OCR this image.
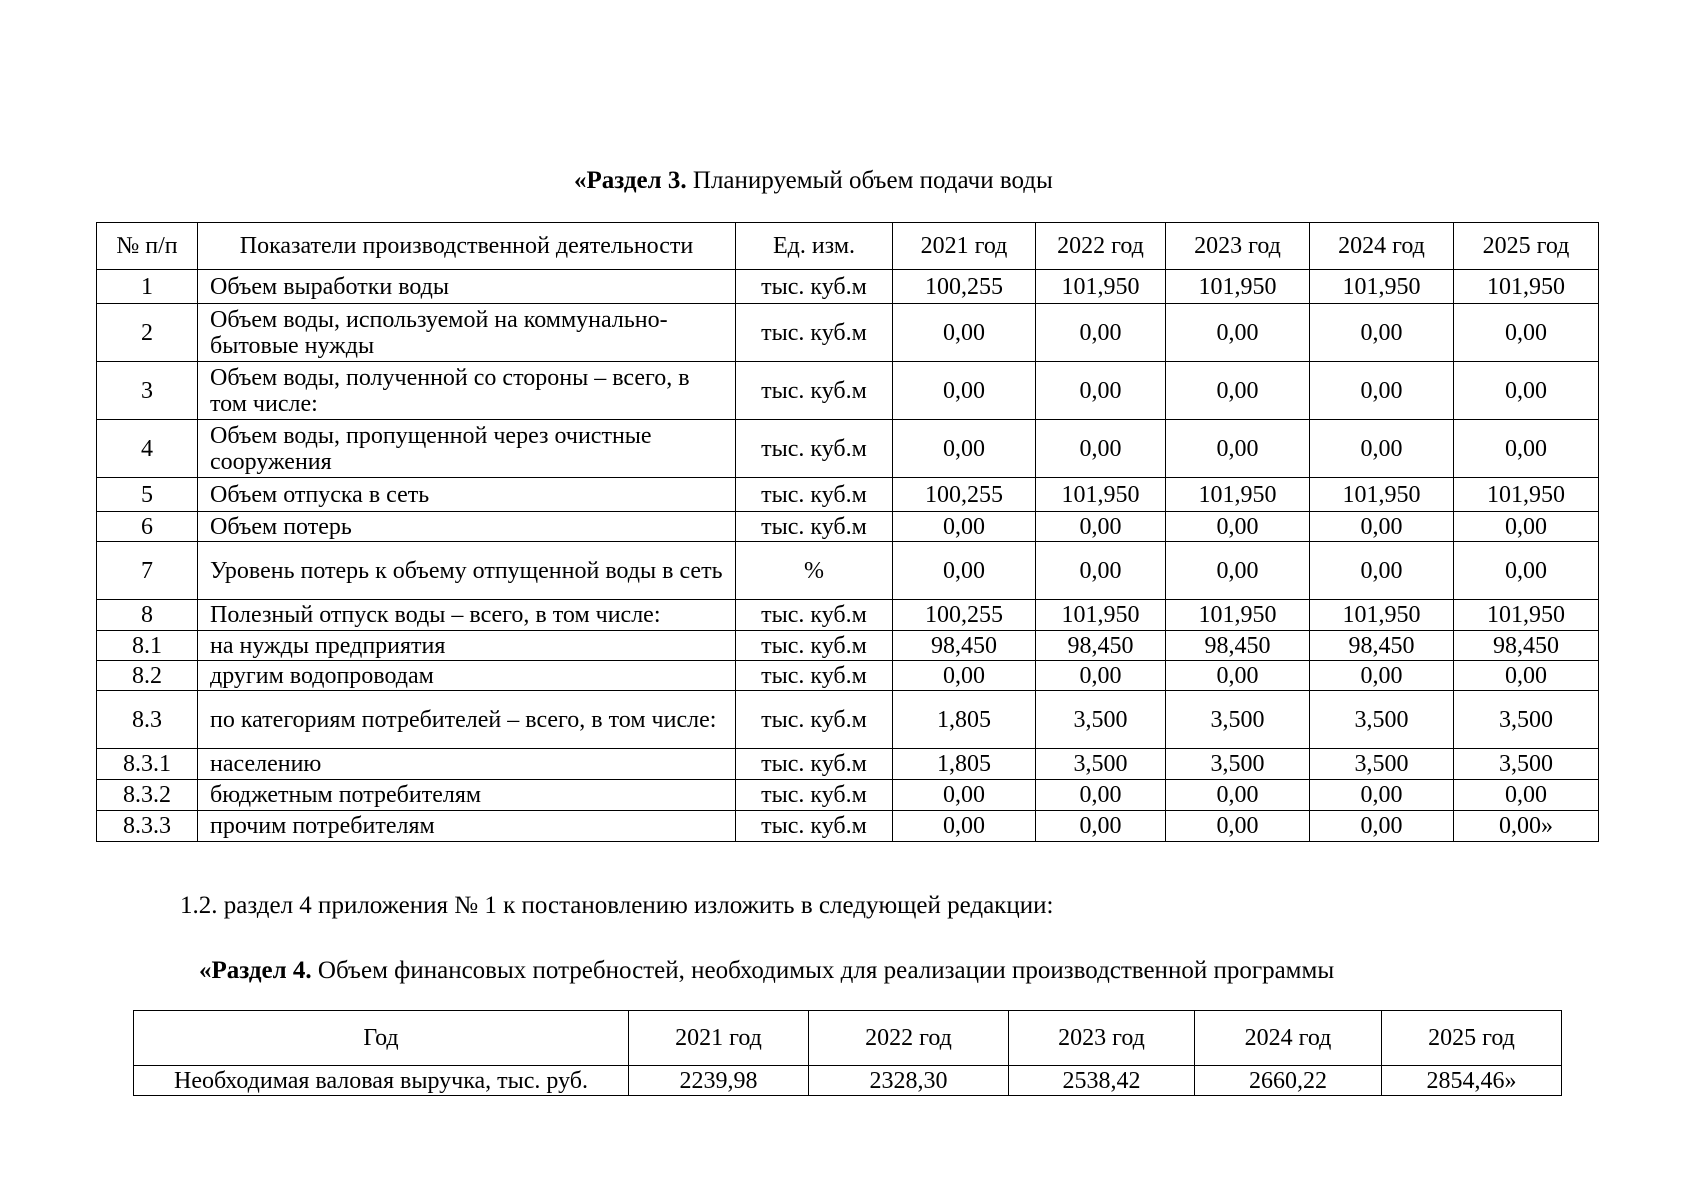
«Раздел 3. Планируемый объем подачи воды
№ п/п	Показатели производственной деятельности	Ед. изм.	2021 год	2022 год	2023 год	2024 год	2025 год
1	Объем выработки воды	тыс. куб.м	100,255	101,950	101,950	101,950	101,950
2	Объем воды, используемой на коммунально-бытовые нужды	тыс. куб.м	0,00	0,00	0,00	0,00	0,00
3	Объем воды, полученной со стороны – всего, в том числе:	тыс. куб.м	0,00	0,00	0,00	0,00	0,00
4	Объем воды, пропущенной через очистные сооружения	тыс. куб.м	0,00	0,00	0,00	0,00	0,00
5	Объем отпуска в сеть	тыс. куб.м	100,255	101,950	101,950	101,950	101,950
6	Объем потерь	тыс. куб.м	0,00	0,00	0,00	0,00	0,00
7	Уровень потерь к объему отпущенной воды в сеть	%	0,00	0,00	0,00	0,00	0,00
8	Полезный отпуск воды – всего, в том числе:	тыс. куб.м	100,255	101,950	101,950	101,950	101,950
8.1	на нужды предприятия	тыс. куб.м	98,450	98,450	98,450	98,450	98,450
8.2	другим водопроводам	тыс. куб.м	0,00	0,00	0,00	0,00	0,00
8.3	по категориям потребителей – всего, в том числе:	тыс. куб.м	1,805	3,500	3,500	3,500	3,500
8.3.1	населению	тыс. куб.м	1,805	3,500	3,500	3,500	3,500
8.3.2	бюджетным потребителям	тыс. куб.м	0,00	0,00	0,00	0,00	0,00
8.3.3	прочим потребителям	тыс. куб.м	0,00	0,00	0,00	0,00	0,00»
1.2. раздел 4 приложения № 1 к постановлению изложить в следующей редакции:
«Раздел 4. Объем финансовых потребностей, необходимых для реализации производственной программы
Год	2021 год	2022 год	2023 год	2024 год	2025 год
Необходимая валовая выручка, тыс. руб.	2239,98	2328,30	2538,42	2660,22	2854,46»
